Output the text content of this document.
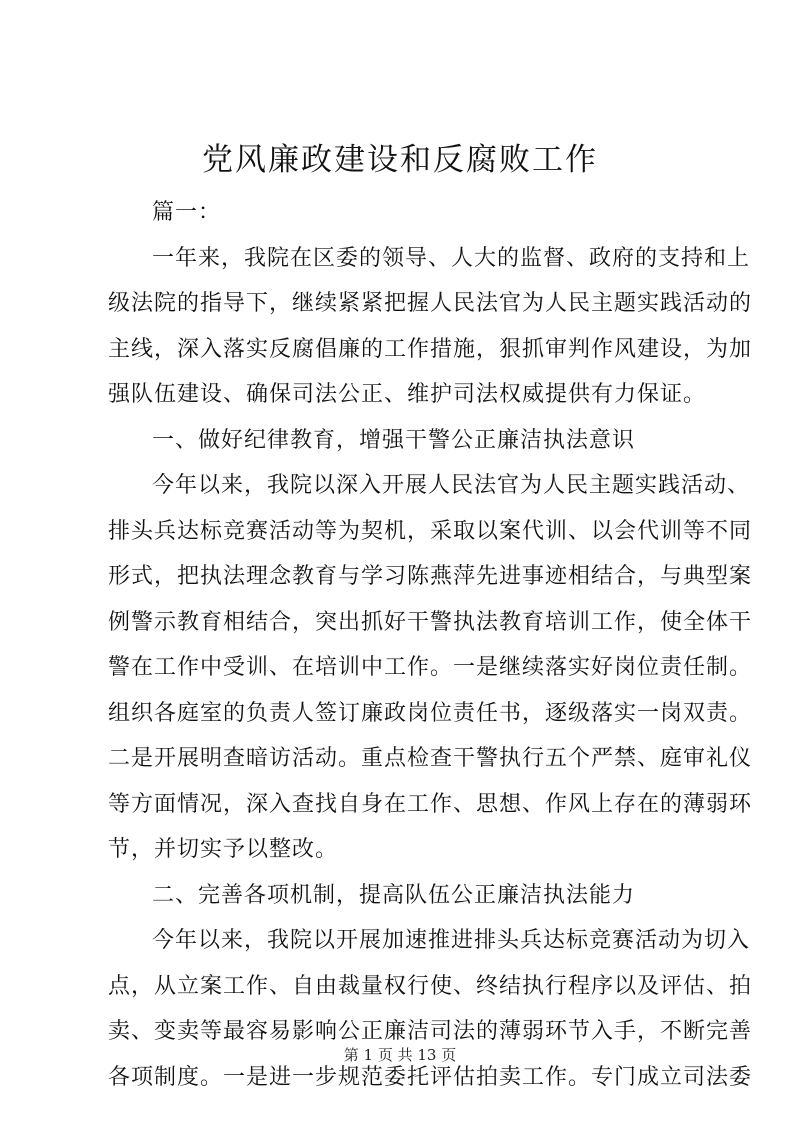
党风廉政建设和反腐败工作

篇一：

一年来，我院在区委的领导、人大的监督、政府的支持和上

级法院的指导下，继续紧紧把握人民法官为人民主题实践活动的

主线，深入落实反腐倡廉的工作措施，狠抓审判作风建设，为加

强队伍建设、确保司法公正、维护司法权威提供有力保证。

一、做好纪律教育，增强干警公正廉洁执法意识

今年以来，我院以深入开展人民法官为人民主题实践活动、

排头兵达标竞赛活动等为契机，采取以案代训、以会代训等不同

形式，把执法理念教育与学习陈燕萍先进事迹相结合，与典型案

例警示教育相结合，突出抓好干警执法教育培训工作，使全体干

警在工作中受训、在培训中工作。一是继续落实好岗位责任制。

组织各庭室的负责人签订廉政岗位责任书，逐级落实一岗双责。

二是开展明查暗访活动。重点检查干警执行五个严禁、庭审礼仪

等方面情况，深入查找自身在工作、思想、作风上存在的薄弱环

节，并切实予以整改。

二、完善各项机制，提高队伍公正廉洁执法能力

今年以来，我院以开展加速推进排头兵达标竞赛活动为切入

点，从立案工作、自由裁量权行使、终结执行程序以及评估、拍

卖、变卖等最容易影响公正廉洁司法的薄弱环节入手，不断完善

各项制度。一是进一步规范委托评估拍卖工作。专门成立司法委

第 1 页 共 13 页
